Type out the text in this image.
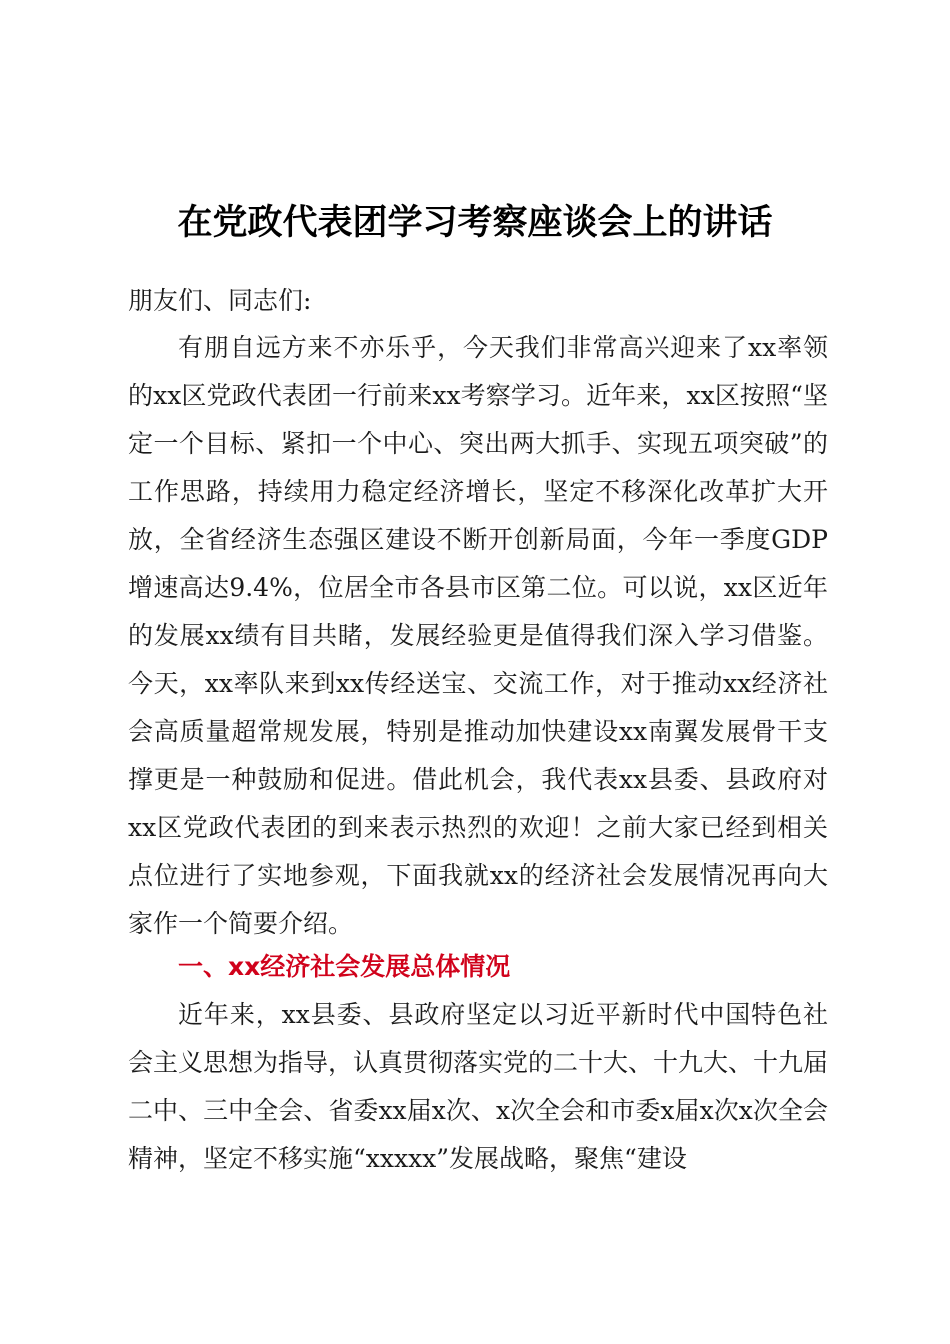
在党政代表团学习考察座谈会上的讲话

朋友们、同志们:

有朋自远方来不亦乐乎，今天我们非常高兴迎来了xx率领的xx区党政代表团一行前来xx考察学习。近年来，xx区按照“坚定一个目标、紧扣一个中心、突出两大抓手、实现五项突破”的工作思路，持续用力稳定经济增长，坚定不移深化改革扩大开放，全省经济生态强区建设不断开创新局面，今年一季度GDP增速高达9.4%，位居全市各县市区第二位。可以说，xx区近年的发展xx绩有目共睹，发展经验更是值得我们深入学习借鉴。今天，xx率队来到xx传经送宝、交流工作，对于推动xx经济社会高质量超常规发展，特别是推动加快建设xx南翼发展骨干支撑更是一种鼓励和促进。借此机会，我代表xx县委、县政府对xx区党政代表团的到来表示热烈的欢迎！之前大家已经到相关点位进行了实地参观，下面我就xx的经济社会发展情况再向大家作一个简要介绍。

一、xx经济社会发展总体情况

近年来，xx县委、县政府坚定以习近平新时代中国特色社会主义思想为指导，认真贯彻落实党的二十大、十九大、十九届二中、三中全会、省委xx届x次、x次全会和市委x届x次x次全会精神，坚定不移实施“xxxxx”发展战略，聚焦“建设
